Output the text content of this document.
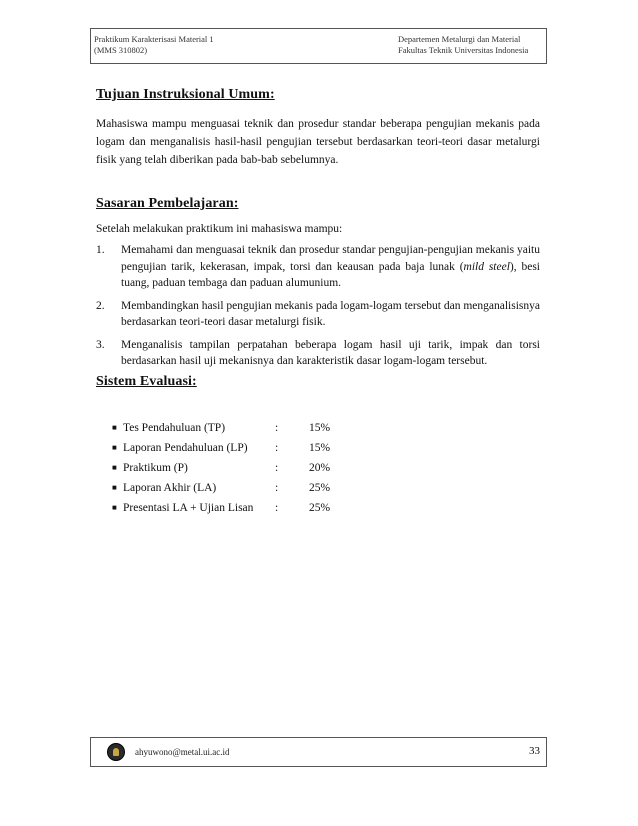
Praktikum Karakterisasi Material 1
(MMS 310802)
Departemen Metalurgi dan Material
Fakultas Teknik Universitas Indonesia
Tujuan Instruksional Umum:
Mahasiswa mampu menguasai teknik dan prosedur standar beberapa pengujian mekanis pada logam dan menganalisis hasil-hasil pengujian tersebut berdasarkan teori-teori dasar metalurgi fisik yang telah diberikan pada bab-bab sebelumnya.
Sasaran Pembelajaran:
Setelah melakukan praktikum ini mahasiswa mampu:
1.	Memahami dan menguasai teknik dan prosedur standar pengujian-pengujian mekanis yaitu pengujian tarik, kekerasan, impak, torsi dan keausan pada baja lunak (mild steel), besi tuang, paduan tembaga dan paduan alumunium.
2.	Membandingkan hasil pengujian mekanis pada logam-logam tersebut dan menganalisisnya berdasarkan teori-teori dasar metalurgi fisik.
3.	Menganalisis tampilan perpatahan beberapa logam hasil uji tarik, impak dan torsi berdasarkan hasil uji mekanisnya dan karakteristik dasar logam-logam tersebut.
Sistem Evaluasi:
■ Tes Pendahuluan (TP)	:	15%
■ Laporan Pendahuluan (LP)	:	15%
■ Praktikum (P)	:	20%
■ Laporan Akhir (LA)	:	25%
■ Presentasi LA + Ujian Lisan	:	25%
ahyuwono@metal.ui.ac.id	33
